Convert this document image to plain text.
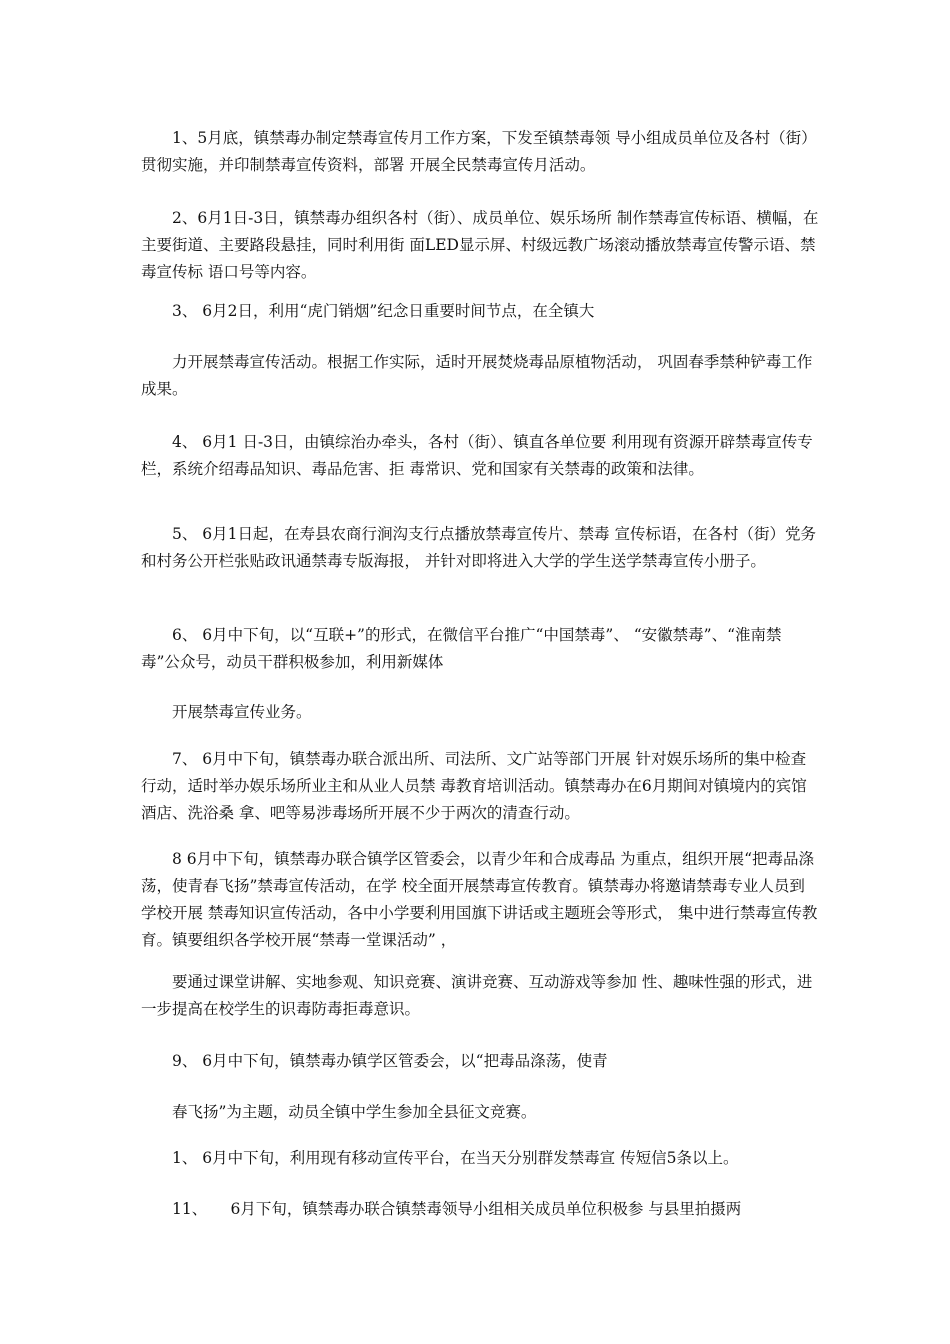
　　1、5月底，镇禁毒办制定禁毒宣传月工作方案，下发至镇禁毒领 导小组成员单位及各村（街）贯彻实施，并印制禁毒宣传资料，部署 开展全民禁毒宣传月活动。

　　2、6月1日-3日，镇禁毒办组织各村（街）、成员单位、娱乐场所 制作禁毒宣传标语、横幅，在主要街道、主要路段悬挂，同时利用街 面LED显示屏、村级远教广场滚动播放禁毒宣传警示语、禁毒宣传标 语口号等内容。

　　3、 6月2日，利用“虎门销烟”纪念日重要时间节点，在全镇大

　　力开展禁毒宣传活动。根据工作实际，适时开展焚烧毒品原植物活动， 巩固春季禁种铲毒工作成果。

　　4、 6月1 日-3日，由镇综治办牵头，各村（街）、镇直各单位要 利用现有资源开辟禁毒宣传专栏，系统介绍毒品知识、毒品危害、拒 毒常识、党和国家有关禁毒的政策和法律。

　　5、 6月1日起，在寿县农商行涧沟支行点播放禁毒宣传片、禁毒 宣传标语，在各村（街）党务和村务公开栏张贴政讯通禁毒专版海报， 并针对即将进入大学的学生送学禁毒宣传小册子。

　　6、 6月中下旬，以“互联+”的形式，在微信平台推广“中国禁毒”、 “安徽禁毒”、“淮南禁毒”公众号，动员干群积极参加，利用新媒体

　　开展禁毒宣传业务。

　　7、 6月中下旬，镇禁毒办联合派出所、司法所、文广站等部门开展 针对娱乐场所的集中检查行动，适时举办娱乐场所业主和从业人员禁 毒教育培训活动。镇禁毒办在6月期间对镇境内的宾馆酒店、洗浴桑 拿、吧等易涉毒场所开展不少于两次的清查行动。

　　8 6月中下旬，镇禁毒办联合镇学区管委会，以青少年和合成毒品 为重点，组织开展“把毒品涤荡，使青春飞扬”禁毒宣传活动，在学 校全面开展禁毒宣传教育。镇禁毒办将邀请禁毒专业人员到学校开展 禁毒知识宣传活动，各中小学要利用国旗下讲话或主题班会等形式， 集中进行禁毒宣传教育。镇要组织各学校开展“禁毒一堂课活动” ，

　　要通过课堂讲解、实地参观、知识竞赛、演讲竞赛、互动游戏等参加 性、趣味性强的形式，进一步提高在校学生的识毒防毒拒毒意识。

　　9、 6月中下旬，镇禁毒办镇学区管委会，以“把毒品涤荡，使青

　　春飞扬”为主题，动员全镇中学生参加全县征文竞赛。

　　1、 6月中下旬，利用现有移动宣传平台，在当天分别群发禁毒宣 传短信5条以上。

　　11、　　6月下旬，镇禁毒办联合镇禁毒领导小组相关成员单位积极参 与县里拍摄两
